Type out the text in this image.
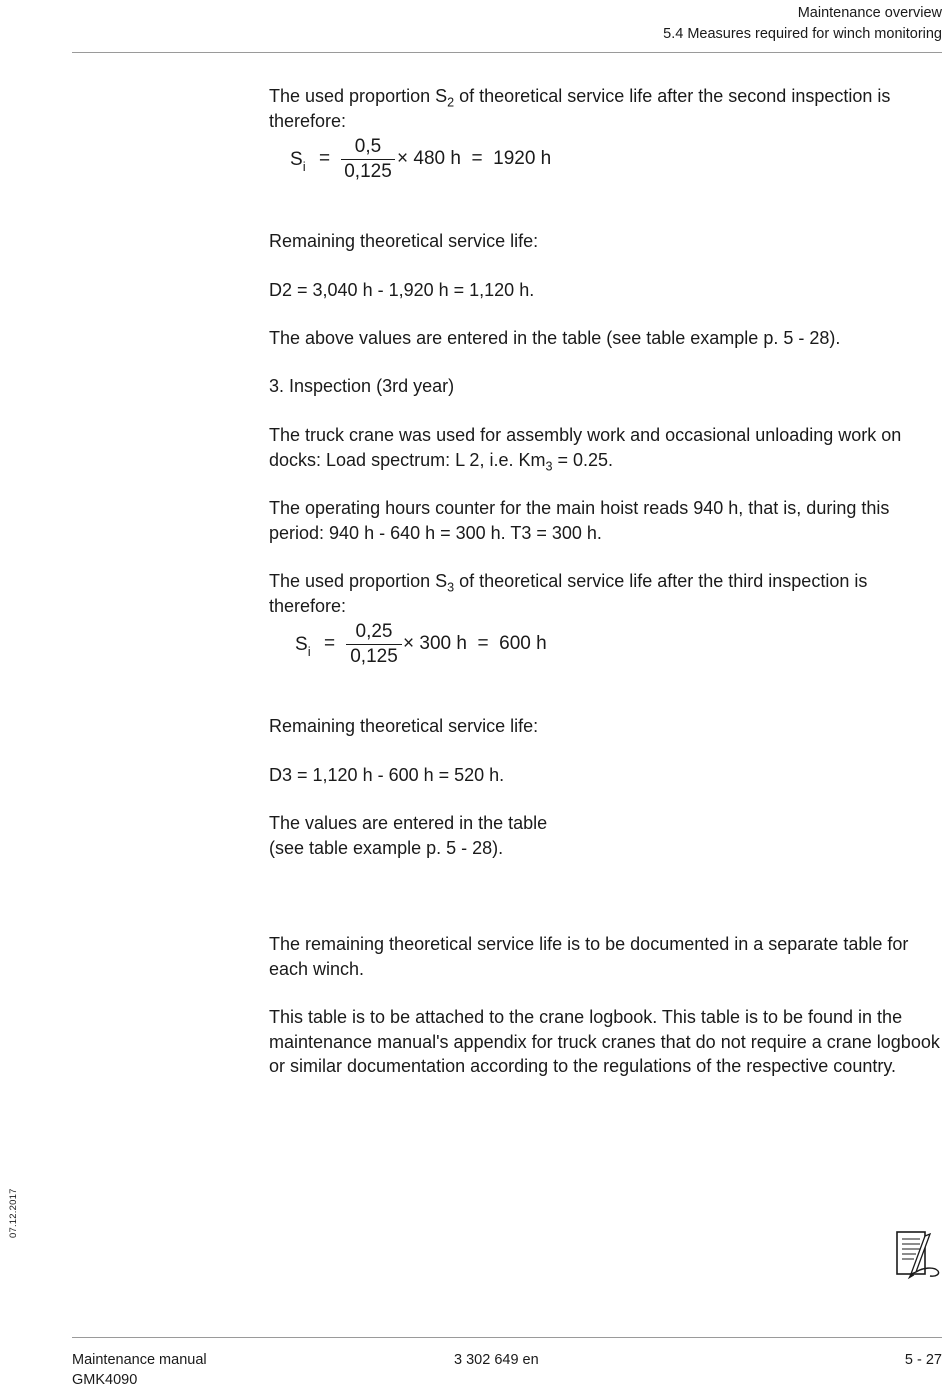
Maintenance overview
5.4 Measures required for winch monitoring

The used proportion $S_2$ of theoretical service life after the second inspection is therefore:

$S_i$ =
0,5
0,125
× 480 h  =  1920 h

Remaining theoretical service life:

D2 = 3,040 h - 1,920 h = 1,120 h.

The above values are entered in the table (see table example p. 5 - 28).

3. Inspection (3rd year)

The truck crane was used for assembly work and occasional unloading work on docks: Load spectrum: L 2, i.e. $Km_3 = 0.25$.

The operating hours counter for the main hoist reads 940 h, that is, during this period: 940 h - 640 h = 300 h. T3 = 300 h.

The used proportion $S_3$ of theoretical service life after the third inspection is therefore:

$S_i$ =
0,25
0,125
× 300 h  =  600 h

Remaining theoretical service life:

D3 = 1,120 h - 600 h = 520 h.

The values are entered in the table

(see table example p. 5 - 28).

The remaining theoretical service life is to be documented in a separate table for each winch.

This table is to be attached to the crane logbook. This table is to be found in the maintenance manual's appendix for truck cranes that do not require a crane logbook or similar documentation according to the regulations of the respective country.

07.12.2017
Maintenance manual
GMK4090
3 302 649 en	5 - 27
